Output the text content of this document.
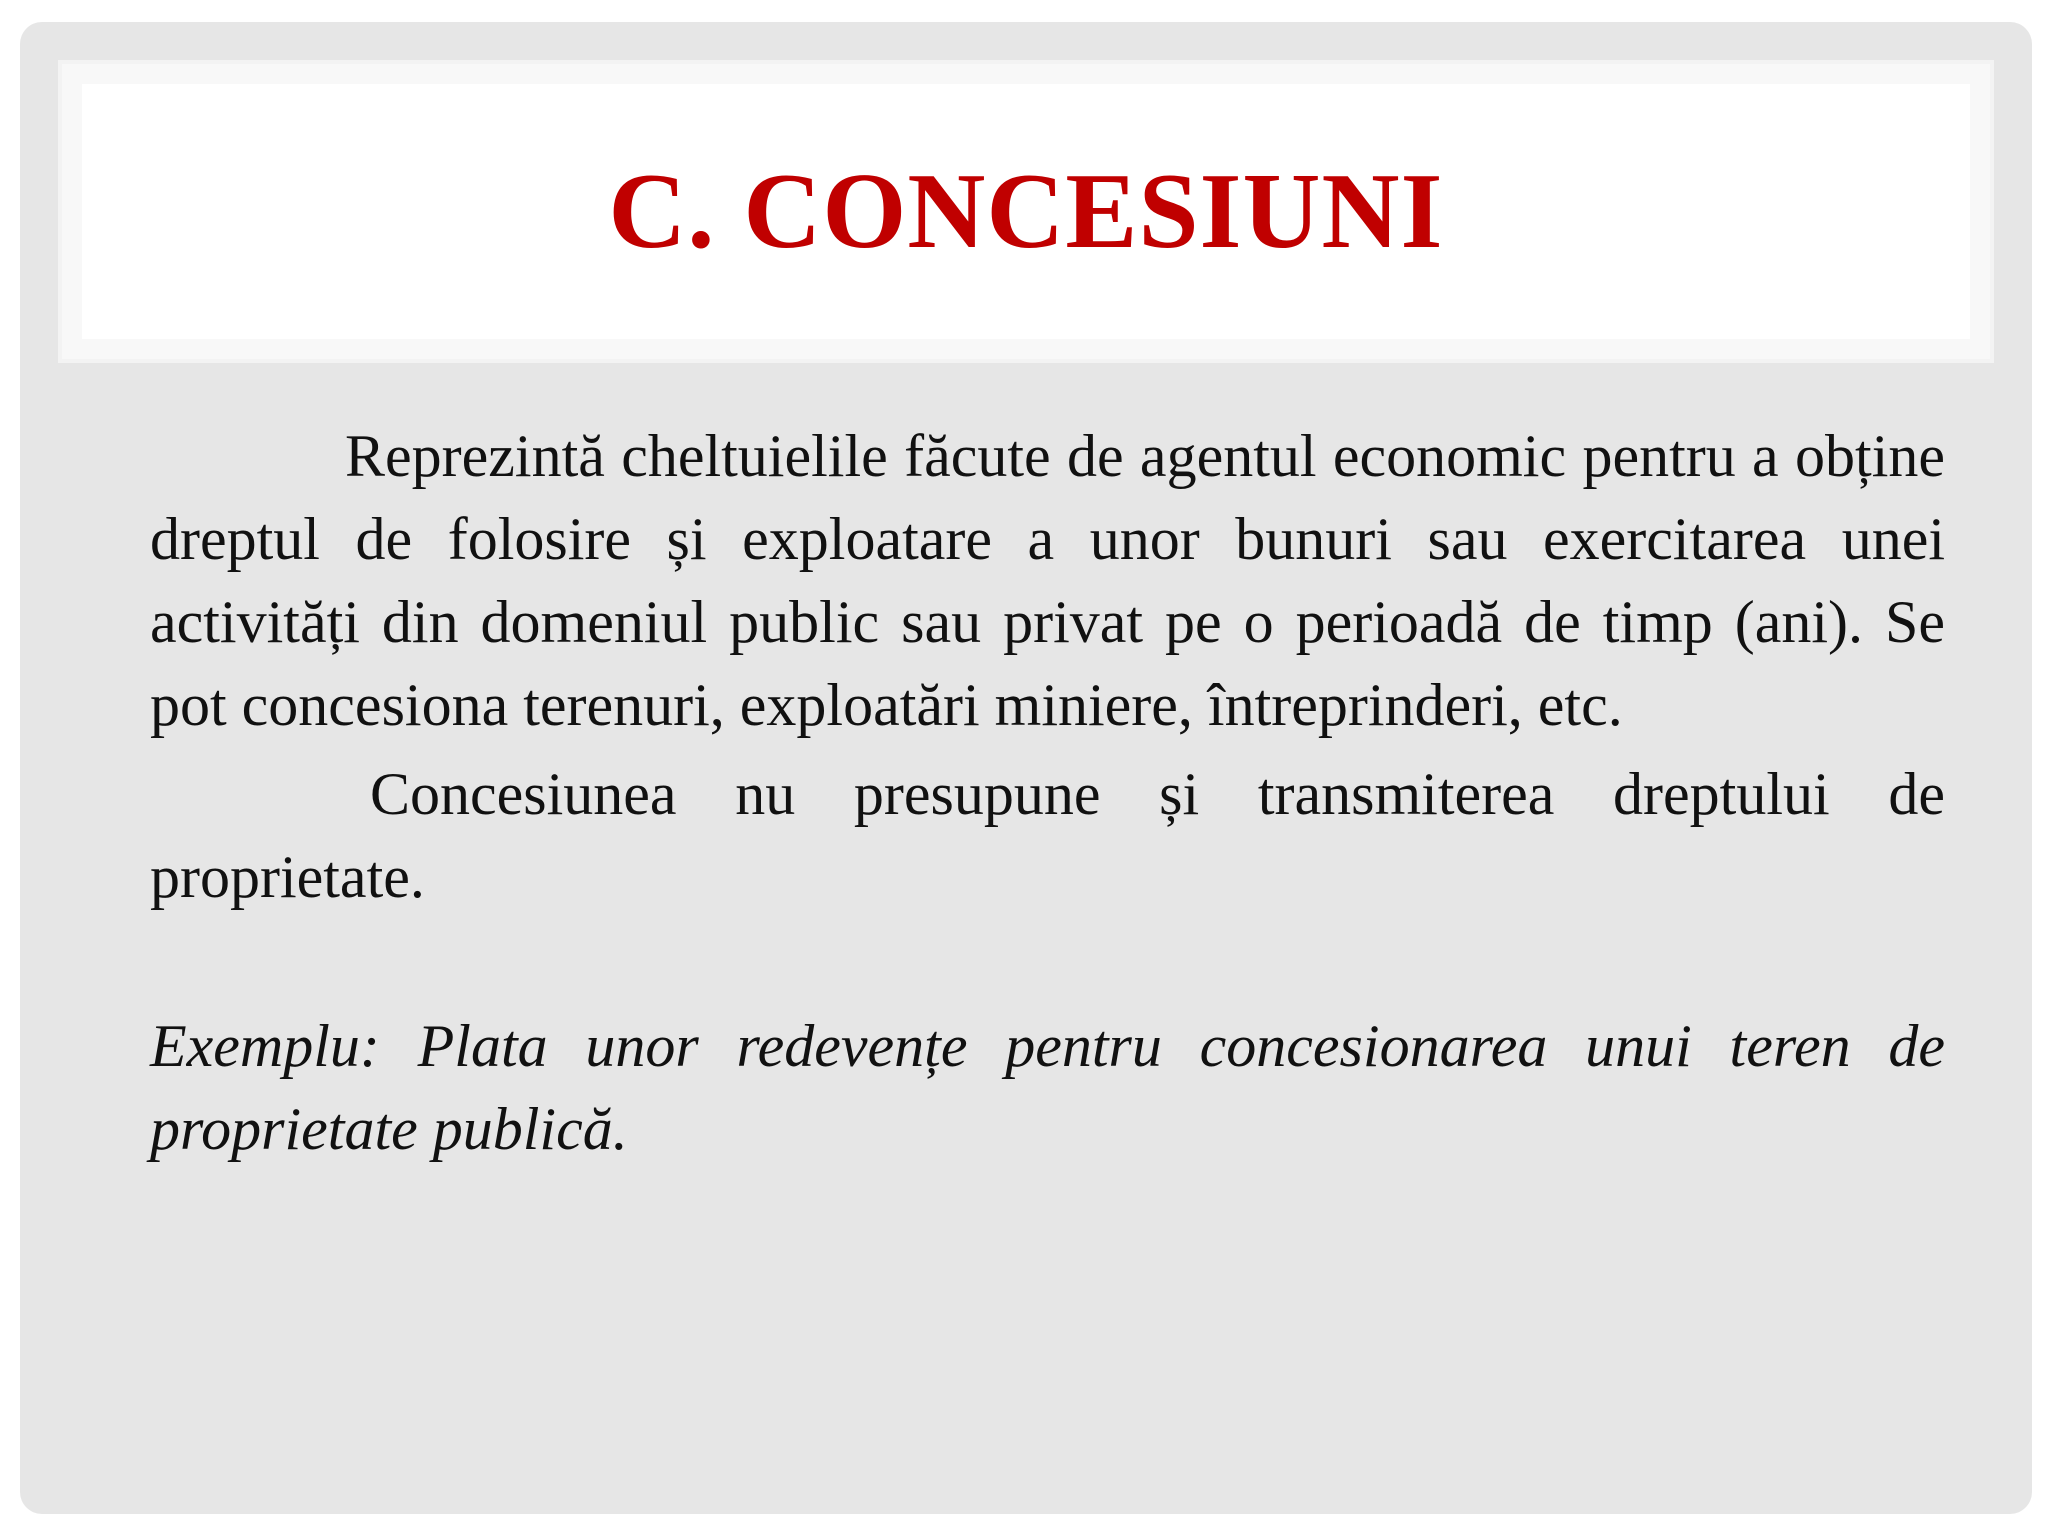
C. CONCESIUNI

Reprezintă cheltuielile făcute de agentul economic pentru a obține dreptul de folosire și exploatare a unor bunuri sau exercitarea unei activități din domeniul public sau privat pe o perioadă de timp (ani). Se pot concesiona terenuri, exploatări miniere, întreprinderi, etc.

Concesiunea nu presupune și transmiterea dreptului de proprietate.

Exemplu: Plata unor redevențe pentru concesionarea unui teren de proprietate publică.
